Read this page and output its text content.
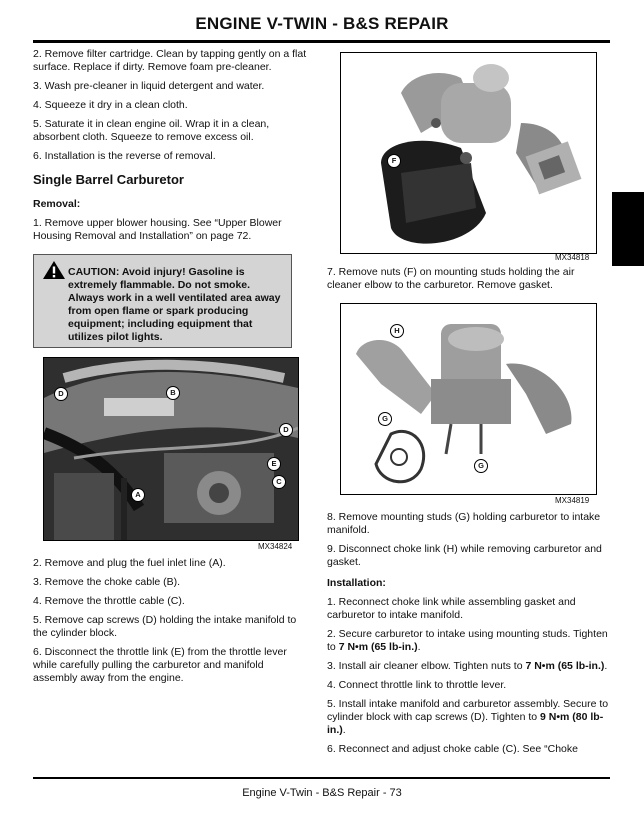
ENGINE V-TWIN - B&S REPAIR

2. Remove filter cartridge. Clean by tapping gently on a flat surface. Replace if dirty. Remove foam pre-cleaner.

3. Wash pre-cleaner in liquid detergent and water.

4. Squeeze it dry in a clean cloth.

5. Saturate it in clean engine oil. Wrap it in a clean, absorbent cloth. Squeeze to remove excess oil.

6. Installation is the reverse of removal.

Single Barrel Carburetor

Removal:

1. Remove upper blower housing. See “Upper Blower Housing Removal and Installation” on page 72.

CAUTION: Avoid injury! Gasoline is extremely flammable. Do not smoke. Always work in a well ventilated area away from open flame or spark producing equipment; including equipment that utilizes pilot lights.
D	B
D
E
C
A
MX34824

2. Remove and plug the fuel inlet line (A).

3. Remove the choke cable (B).

4. Remove the throttle cable (C).

5. Remove cap screws (D) holding the intake manifold to the cylinder block.

6. Disconnect the throttle link (E) from the throttle lever while carefully pulling the carburetor and manifold assembly away from the engine.

F
MX34818

7. Remove nuts (F) on mounting studs holding the air cleaner elbow to the carburetor. Remove gasket.

H
G
G
MX34819

8. Remove mounting studs (G) holding carburetor to intake manifold.

9. Disconnect choke link (H) while removing carburetor and gasket.

Installation:

1. Reconnect choke link while assembling gasket and carburetor to intake manifold.

2. Secure carburetor to intake using mounting studs. Tighten to 7 N•m (65 lb-in.).

3. Install air cleaner elbow. Tighten nuts to 7 N•m (65 lb-in.).

4. Connect throttle link to throttle lever.

5. Install intake manifold and carburetor assembly. Secure to cylinder block with cap screws (D). Tighten to 9 N•m (80 lb-in.).

6. Reconnect and adjust choke cable (C). See “Choke

Engine V-Twin - B&S Repair - 73
